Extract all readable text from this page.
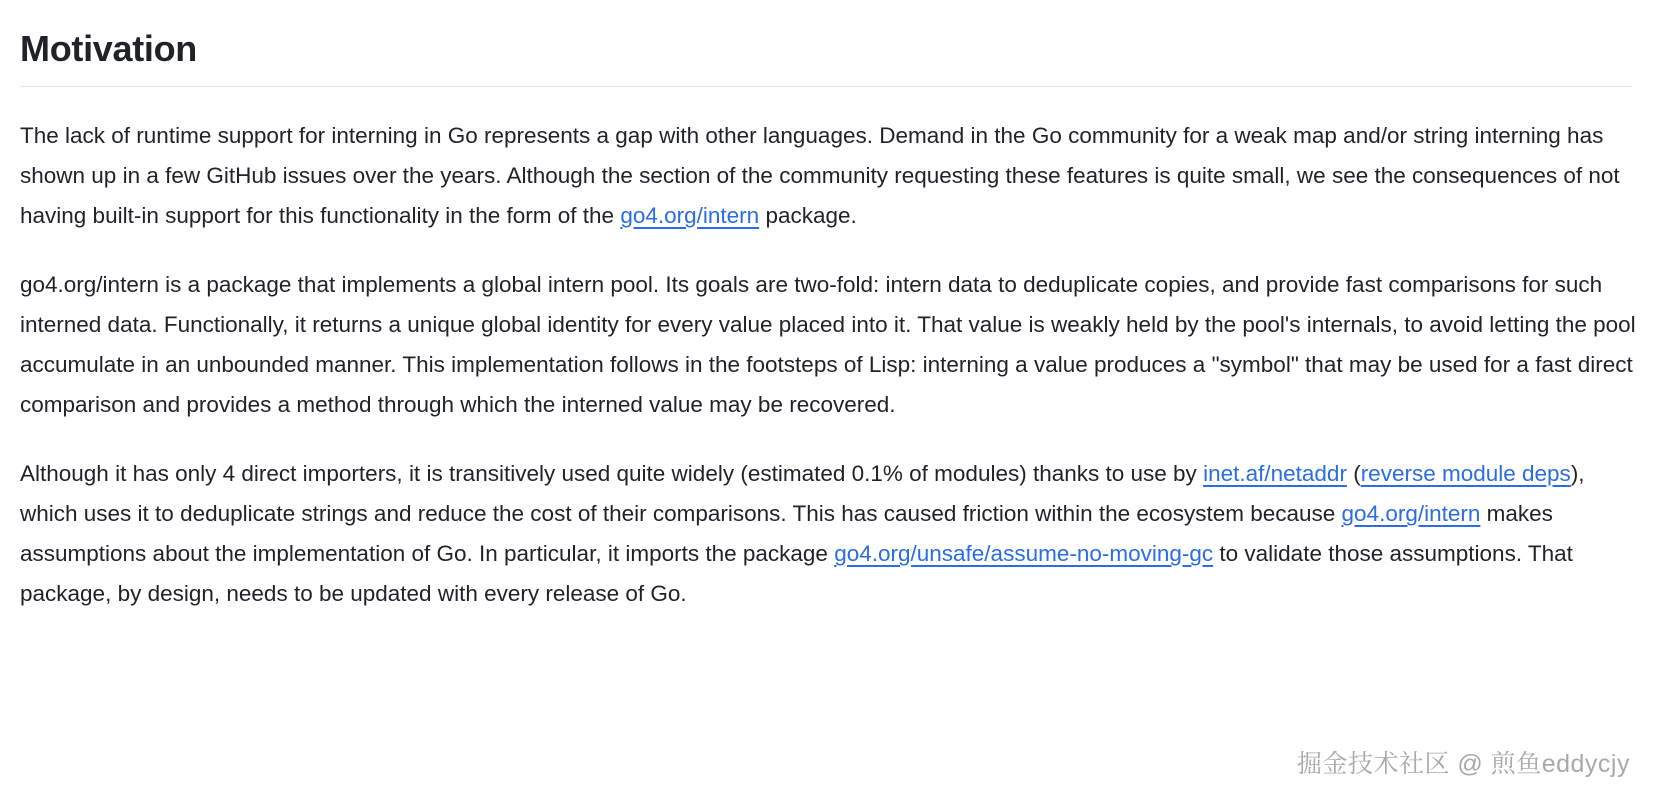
Motivation

The lack of runtime support for interning in Go represents a gap with other languages. Demand in the Go community for a weak map and/or string interning has shown up in a few GitHub issues over the years. Although the section of the community requesting these features is quite small, we see the consequences of not having built-in support for this functionality in the form of the go4.org/intern package.

go4.org/intern is a package that implements a global intern pool. Its goals are two-fold: intern data to deduplicate copies, and provide fast comparisons for such interned data. Functionally, it returns a unique global identity for every value placed into it. That value is weakly held by the pool's internals, to avoid letting the pool accumulate in an unbounded manner. This implementation follows in the footsteps of Lisp: interning a value produces a "symbol" that may be used for a fast direct comparison and provides a method through which the interned value may be recovered.

Although it has only 4 direct importers, it is transitively used quite widely (estimated 0.1% of modules) thanks to use by inet.af/netaddr (reverse module deps), which uses it to deduplicate strings and reduce the cost of their comparisons. This has caused friction within the ecosystem because go4.org/intern makes assumptions about the implementation of Go. In particular, it imports the package go4.org/unsafe/assume-no-moving-gc to validate those assumptions. That package, by design, needs to be updated with every release of Go.

掘金技术社区 @ 煎鱼eddycjy
